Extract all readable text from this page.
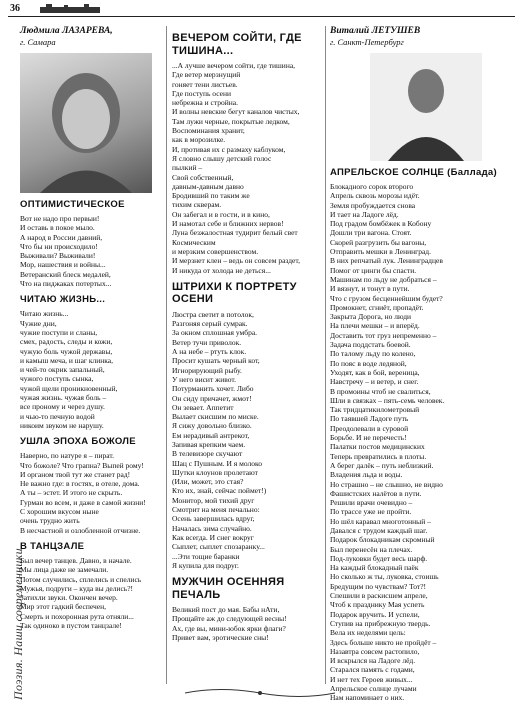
36
Поэзия. Наши современники.
Людмила ЛАЗАРЕВА,
г. Самара
ОПТИМИСТИЧЕСКОЕ
Вот не надо про первыи!
И оставь в покое мыло.
А народ в России давний,
Что бы ни происходило!
Выживали? Выживали!
Мор, нашествия и войны...
Ветеранский блеск медалей,
Что на пиджаках потертых...
ЧИТАЮ ЖИЗНЬ...
Читаю жизнь...
Чужие дни,
чужие поступи и сланы,
смех, радость, следы и кожи,
чужую боль чужой державы,
и камыш меча, и шаг клинка,
и чей-то окрик запальный,
чужого поступь сынка,
чужой щели проникновенный,
чужая жизнь. чужая боль –
все проному и через душу.
и чью-то печную водой
никоим звуком не нарушу.
УШЛА ЭПОХА БОЖОЛЕ
Наверно, по натуре я – пират.
Что божоле? Что грапна? Выпей рому!
И органом твой тут же станет рад!
Не важно где: в гостях, в отеле, дома.
А ты – эстет. И этого не скрыть.
Гурман во всем, и даже в самой жизни!
С хорошим вкусом ныне
очень трудно жить
В несчастной и озлобленной отчизне.
В ТАНЦЗАЛЕ
Был вечер танцев. Давно, в начале.
Мы лица даже не замечали.
Потом случились, сплелись и спелись
Мужья, подруги – куда вы делись?!
Затихли звуки. Окончен вечер.
Мир этот гадкий беспечен,
Смерть и похоронная рута отняли...
Так одиноко в пустом танцзале!
ВЕЧЕРОМ СОЙТИ, ГДЕ ТИШИНА...
...А лучше вечером сойти, где тишина,
Где ветер мерзнущий
гоняет тени листьев.
Где поступь осени
небрежна и стройна.
И волны невские бегут каналов чистых,
Там лужи черные, покрытые ледком,
Воспоминания хранит,
как в морозилке.
И, противая их с размаху каблуком,
Я словно слышу детский голос
пылкий –
Свой собственный,
давным-давным давно
Бродивший по таким же
тихим скверам.
Он забегал и в гости, и в кино,
И намотал себе и ближних нервов!
Луна безжалостная тудирит белый свет
Космическим
и мерзким совершенством.
И мерзнет клен – ведь он совсем раздет,
И никуда от холода не деться...
ШТРИХИ К ПОРТРЕТУ ОСЕНИ
Люстра светит в потолок,
Разгоняя серый сумрак.
За окном сплошная умбра.
Ветер тучи приволок.
А на небе – ртуть клок.
Просит кушать черный кот,
Игнорирующий рыбу.
У него висит живот.
Потурманить хочет. Либо
Он сиду причачет, жмот!
Он зевает. Аппетит
Вылает скисшим по миске.
Я сижу довольно близко.
Ем нерадивый антрекот,
Запивая крепким чаем.
В телевизоре скучают
Шац с Пушным. И я молоко
Шутки клоунов пролетают
(Или, может, это стая?
Кто их, знай, сейчас поймет!)
Монитор, мой тихий друг
Смотрит на меня печально:
Осень завершилась вдруг,
Началась зима случайно.
Как всегда. И снег вокруг
Сыплет, сыплет спозаранку...
...Эти тощие баранки
Я купила для подруг.
МУЖЧИН ОСЕННЯЯ ПЕЧАЛЬ
Великий пост до мая. Бабы нАти,
Прощайте аж до следующей весны!
Ах, где вы, мини-юбок ярки флаги?
Привет вам, эротические сны!
Виталий ЛЕТУШЕВ
г. Санкт-Петербург
АПРЕЛЬСКОЕ СОЛНЦЕ (Баллада)
Блокадного сорок второго
Апрель сквозь морозы идёт.
Земля пробуждается снова
И тает на Ладоге лёд.
Под градом бомбёжек в Кобону
Дошли три вагона. Стоят.
Скорей разгрузить бы вагоны,
Отправить мешки в Ленинград.
В них репчатый лук. Ленинградцев
Помог от цинги бы спасти.
Машинам по льду не добраться –
И вязнут, и тонут в пути.
Что с грузом бесценнейшим будет?
Промокнет, сгниёт, пропадёт.
Закрыта Дорога, но люди
На плечи мешки – и вперёд.
Доставить тот груз непременно –
Задача поддстать боевой.
По талому льду по колено,
По пояс в воде ледяной,
Уходят, как в бой, вереница,
Навстречу – и ветер, и снег.
В промоины чтоб не свалиться,
Шли в связках – пять-семь человек.
Так тридцатикилометровый
По таявшей Ладоге путь
Преодолевали в суровой
Борьбе. И не перечесть!
Палатки постов медицинских
Теперь превратились в плоты.
А берег далёк – путь неблизкий.
Владения льда и воды.
Но страшно – не слышно, не видно
Фашистских налётов в пути.
Решили врачи очевидно –
По трассе уже не пройти.
Но шёл каравал многотонный –
Давался с трудом каждый шаг.
Подарок блокадникам скромный
Был перенесён на плечах.
Под-луковки будет весь шарф.
На каждый блокадный паёк
Но сколько ж ты, луковка, стоишь
Бредущим по чувствам? Тот?!
Спешили в раскисшем апреле,
Чтоб к празднику Мая успеть
Подарок вручить. И успели,
Ступив на прибрежную твердь.
Вела их неделями цель:
Здесь больше никто не пройдёт –
Назавтра совсем растопило,
И вскрылся на Ладоге лёд.
Старался память с годами,
И нет тех Героев живых...
Апрельское солнце лучами
Нам напоминает о них.
